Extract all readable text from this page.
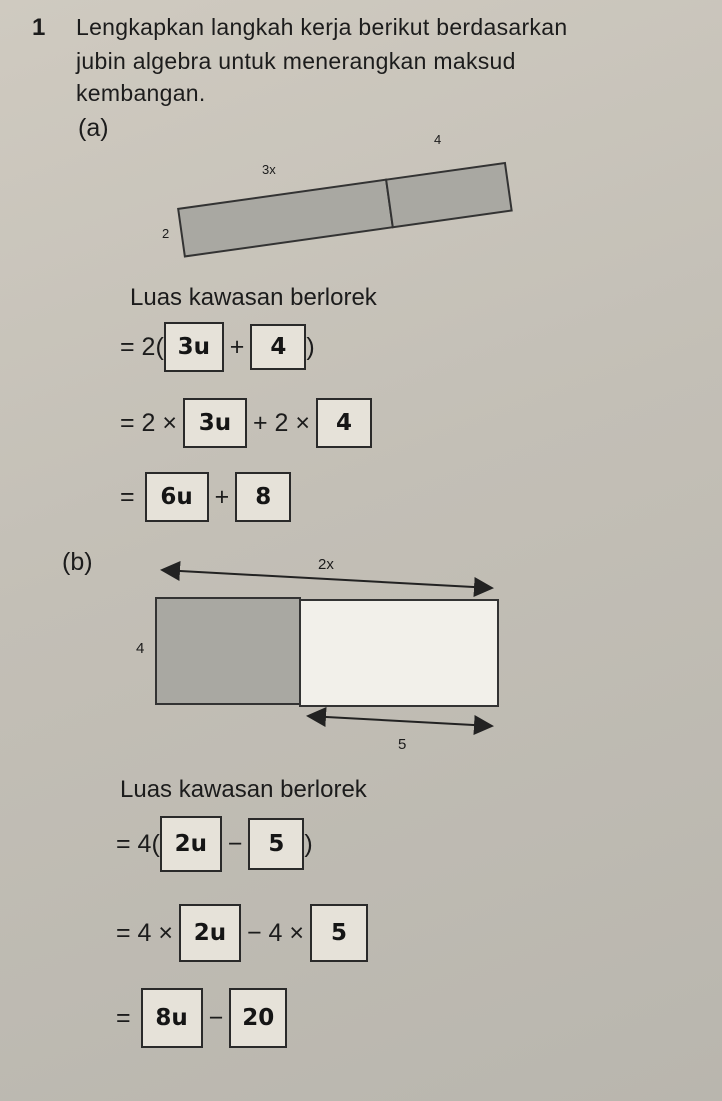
1 Lengkapkan langkah kerja berikut berdasarkan
jubin algebra untuk menerangkan maksud
kembangan.
(a)
3x
4
2
Luas kawasan berlorek
= 2( 3u +	4 )
= 2 × 3u + 2 ×	4
=	6u +	8
(b)	2x
4
5
Luas kawasan berlorek
= 4( 2u −	5 )
= 4 × 2u − 4 ×	5
=	8u − 20
